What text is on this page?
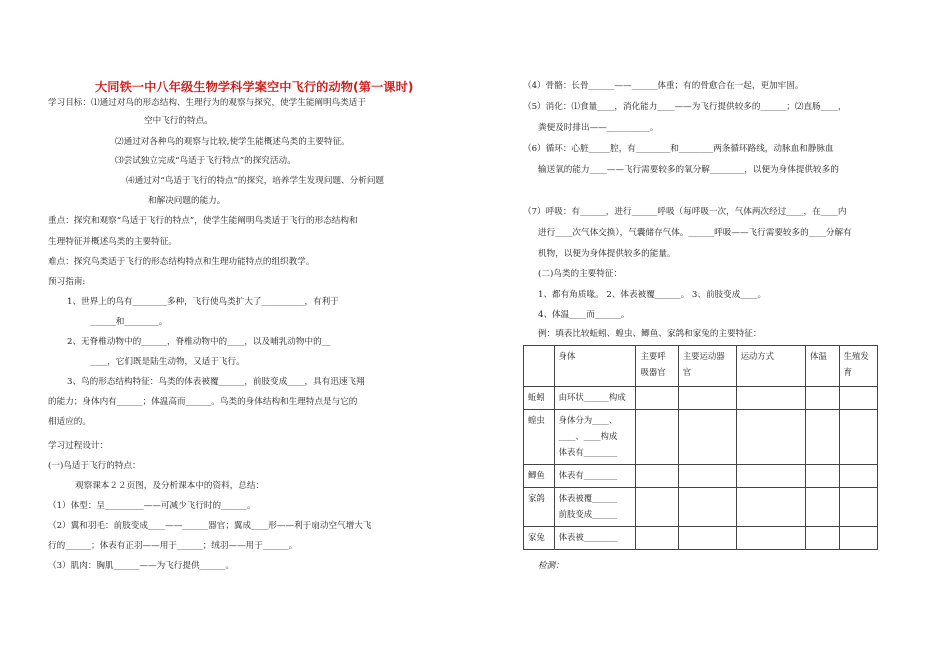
大同铁一中八年级生物学科学案空中飞行的动物(第一课时)
学习目标：⑴通过对鸟的形态结构、生理行为的观察与探究，使学生能阐明鸟类适于
空中飞行的特点。
⑵通过对各种鸟的观察与比较,使学生能概述鸟类的主要特征。
⑶尝试独立完成“鸟适于飞行特点”的探究活动。
⑷通过对“鸟适于飞行的特点”的探究，培养学生发现问题、分析问题
和解决问题的能力。
重点：探究和观察“鸟适于飞行的特点”，使学生能阐明鸟类适于飞行的形态结构和
生理特征并概述鸟类的主要特征。
难点：探究鸟类适于飞行的形态结构特点和生理功能特点的组织教学。
预习指南:
1、世界上的鸟有________多种，飞行使鸟类扩大了__________，有利于
______和________。
2、无脊椎动物中的______，脊椎动物中的____，以及哺乳动物中的__
____，它们既是陆生动物，又适于飞行。
3、鸟的形态结构特征：鸟类的体表被覆______，前肢变成____，具有迅速飞翔
的能力；身体内有______；体温高而______。鸟类的身体结构和生理特点是与它的
相适应的。
学习过程设计：
(一)鸟适于飞行的特点：
观察课本２２页图，及分析课本中的资料，总结：
（1）体型：呈_________——可减少飞行时的______。
（2）翼和羽毛：前肢变成____——______器官；翼成____形——利于扇动空气增大飞
行的______；体表有正羽——用于______；绒羽——用于______。
（3）肌肉：胸肌______——为飞行提供______。
（4）骨骼：长骨______——______体重；有的骨愈合在一起，更加牢固。
（5）消化：⑴食量____，消化能力____——为飞行提供较多的______；⑵直肠____，
粪便及时排出——__________。
（6）循环：心脏_____腔，有________和________两条循环路线，动脉血和静脉血
输送氧的能力____——飞行需要较多的氧分解________，以便为身体提供较多的
（7）呼吸：有______，进行______呼吸（每呼吸一次，气体两次经过____，在____内
进行____次气体交换），气囊储存气体。______呼吸——飞行需要较多的____分解有
机物，以便为身体提供较多的能量。
(二)鸟类的主要特征：
1、都有角质喙。 2、体表被覆______。 3、前肢变成____。
4、体温____而______。
例：填表比较蚯蚓、蝗虫、鲫鱼、家鸽和家兔的主要特征：
	身体	主要呼吸器官	主要运动器官	运动方式	体温	生殖发育
蚯蚓	由环状______构成					

蝗虫	身体分为____、
____、____构成
体表有________					

鲫鱼	体表有________					

家鸽	体表被覆______
前肢变成______					

家兔	体表被________					

检测：
